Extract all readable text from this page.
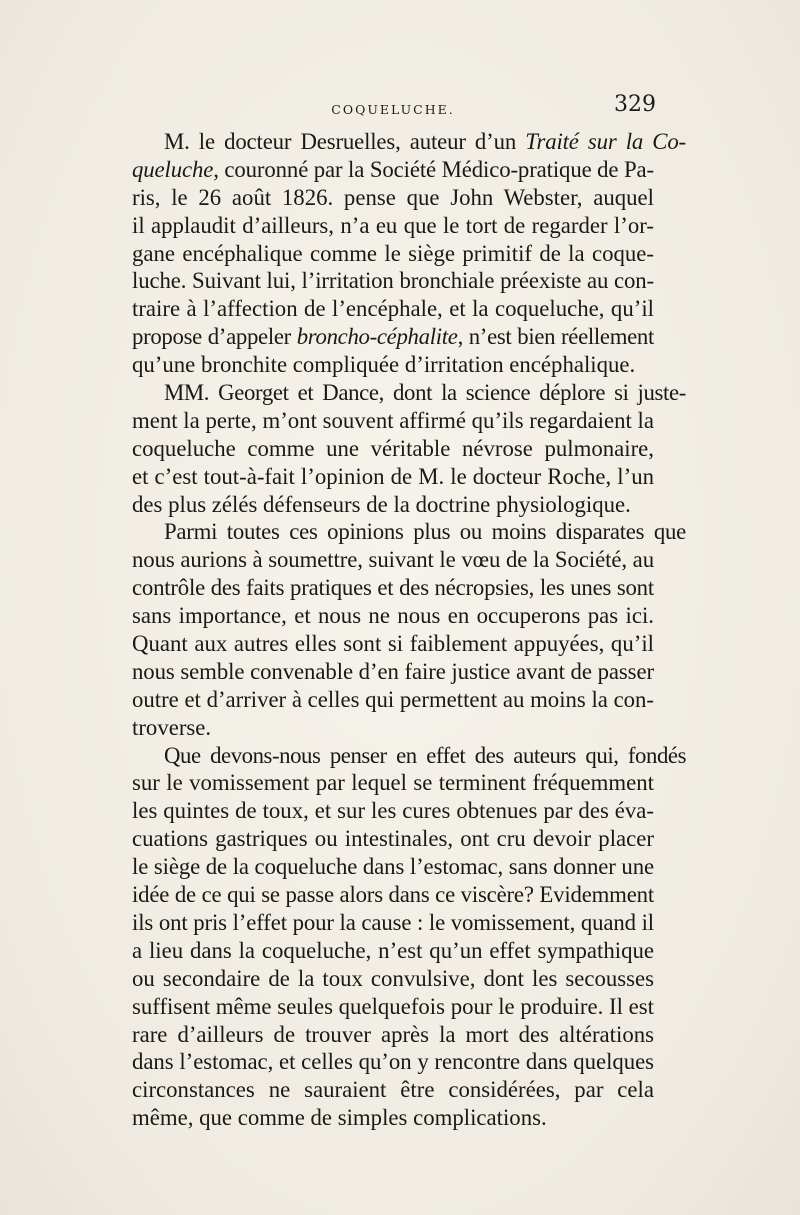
COQUELUCHE.	329
M. le docteur Desruelles, auteur d’un Traité sur la Co-
queluche, couronné par la Société Médico-pratique de Pa-
ris, le 26 août 1826. pense que John Webster, auquel
il applaudit d’ailleurs, n’a eu que le tort de regarder l’or-
gane encéphalique comme le siège primitif de la coque-
luche. Suivant lui, l’irritation bronchiale préexiste au con-
traire à l’affection de l’encéphale, et la coqueluche, qu’il
propose d’appeler broncho-céphalite, n’est bien réellement
qu’une bronchite compliquée d’irritation encéphalique.
MM. Georget et Dance, dont la science déplore si juste-
ment la perte, m’ont souvent affirmé qu’ils regardaient la
coqueluche comme une véritable névrose pulmonaire,
et c’est tout-à-fait l’opinion de M. le docteur Roche, l’un
des plus zélés défenseurs de la doctrine physiologique.
Parmi toutes ces opinions plus ou moins disparates que
nous aurions à soumettre, suivant le vœu de la Société, au
contrôle des faits pratiques et des nécropsies, les unes sont
sans importance, et nous ne nous en occuperons pas ici.
Quant aux autres elles sont si faiblement appuyées, qu’il
nous semble convenable d’en faire justice avant de passer
outre et d’arriver à celles qui permettent au moins la con-
troverse.
Que devons-nous penser en effet des auteurs qui, fondés
sur le vomissement par lequel se terminent fréquemment
les quintes de toux, et sur les cures obtenues par des éva-
cuations gastriques ou intestinales, ont cru devoir placer
le siège de la coqueluche dans l’estomac, sans donner une
idée de ce qui se passe alors dans ce viscère? Evidemment
ils ont pris l’effet pour la cause : le vomissement, quand il
a lieu dans la coqueluche, n’est qu’un effet sympathique
ou secondaire de la toux convulsive, dont les secousses
suffisent même seules quelquefois pour le produire. Il est
rare d’ailleurs de trouver après la mort des altérations
dans l’estomac, et celles qu’on y rencontre dans quelques
circonstances ne sauraient être considérées, par cela
même, que comme de simples complications.
